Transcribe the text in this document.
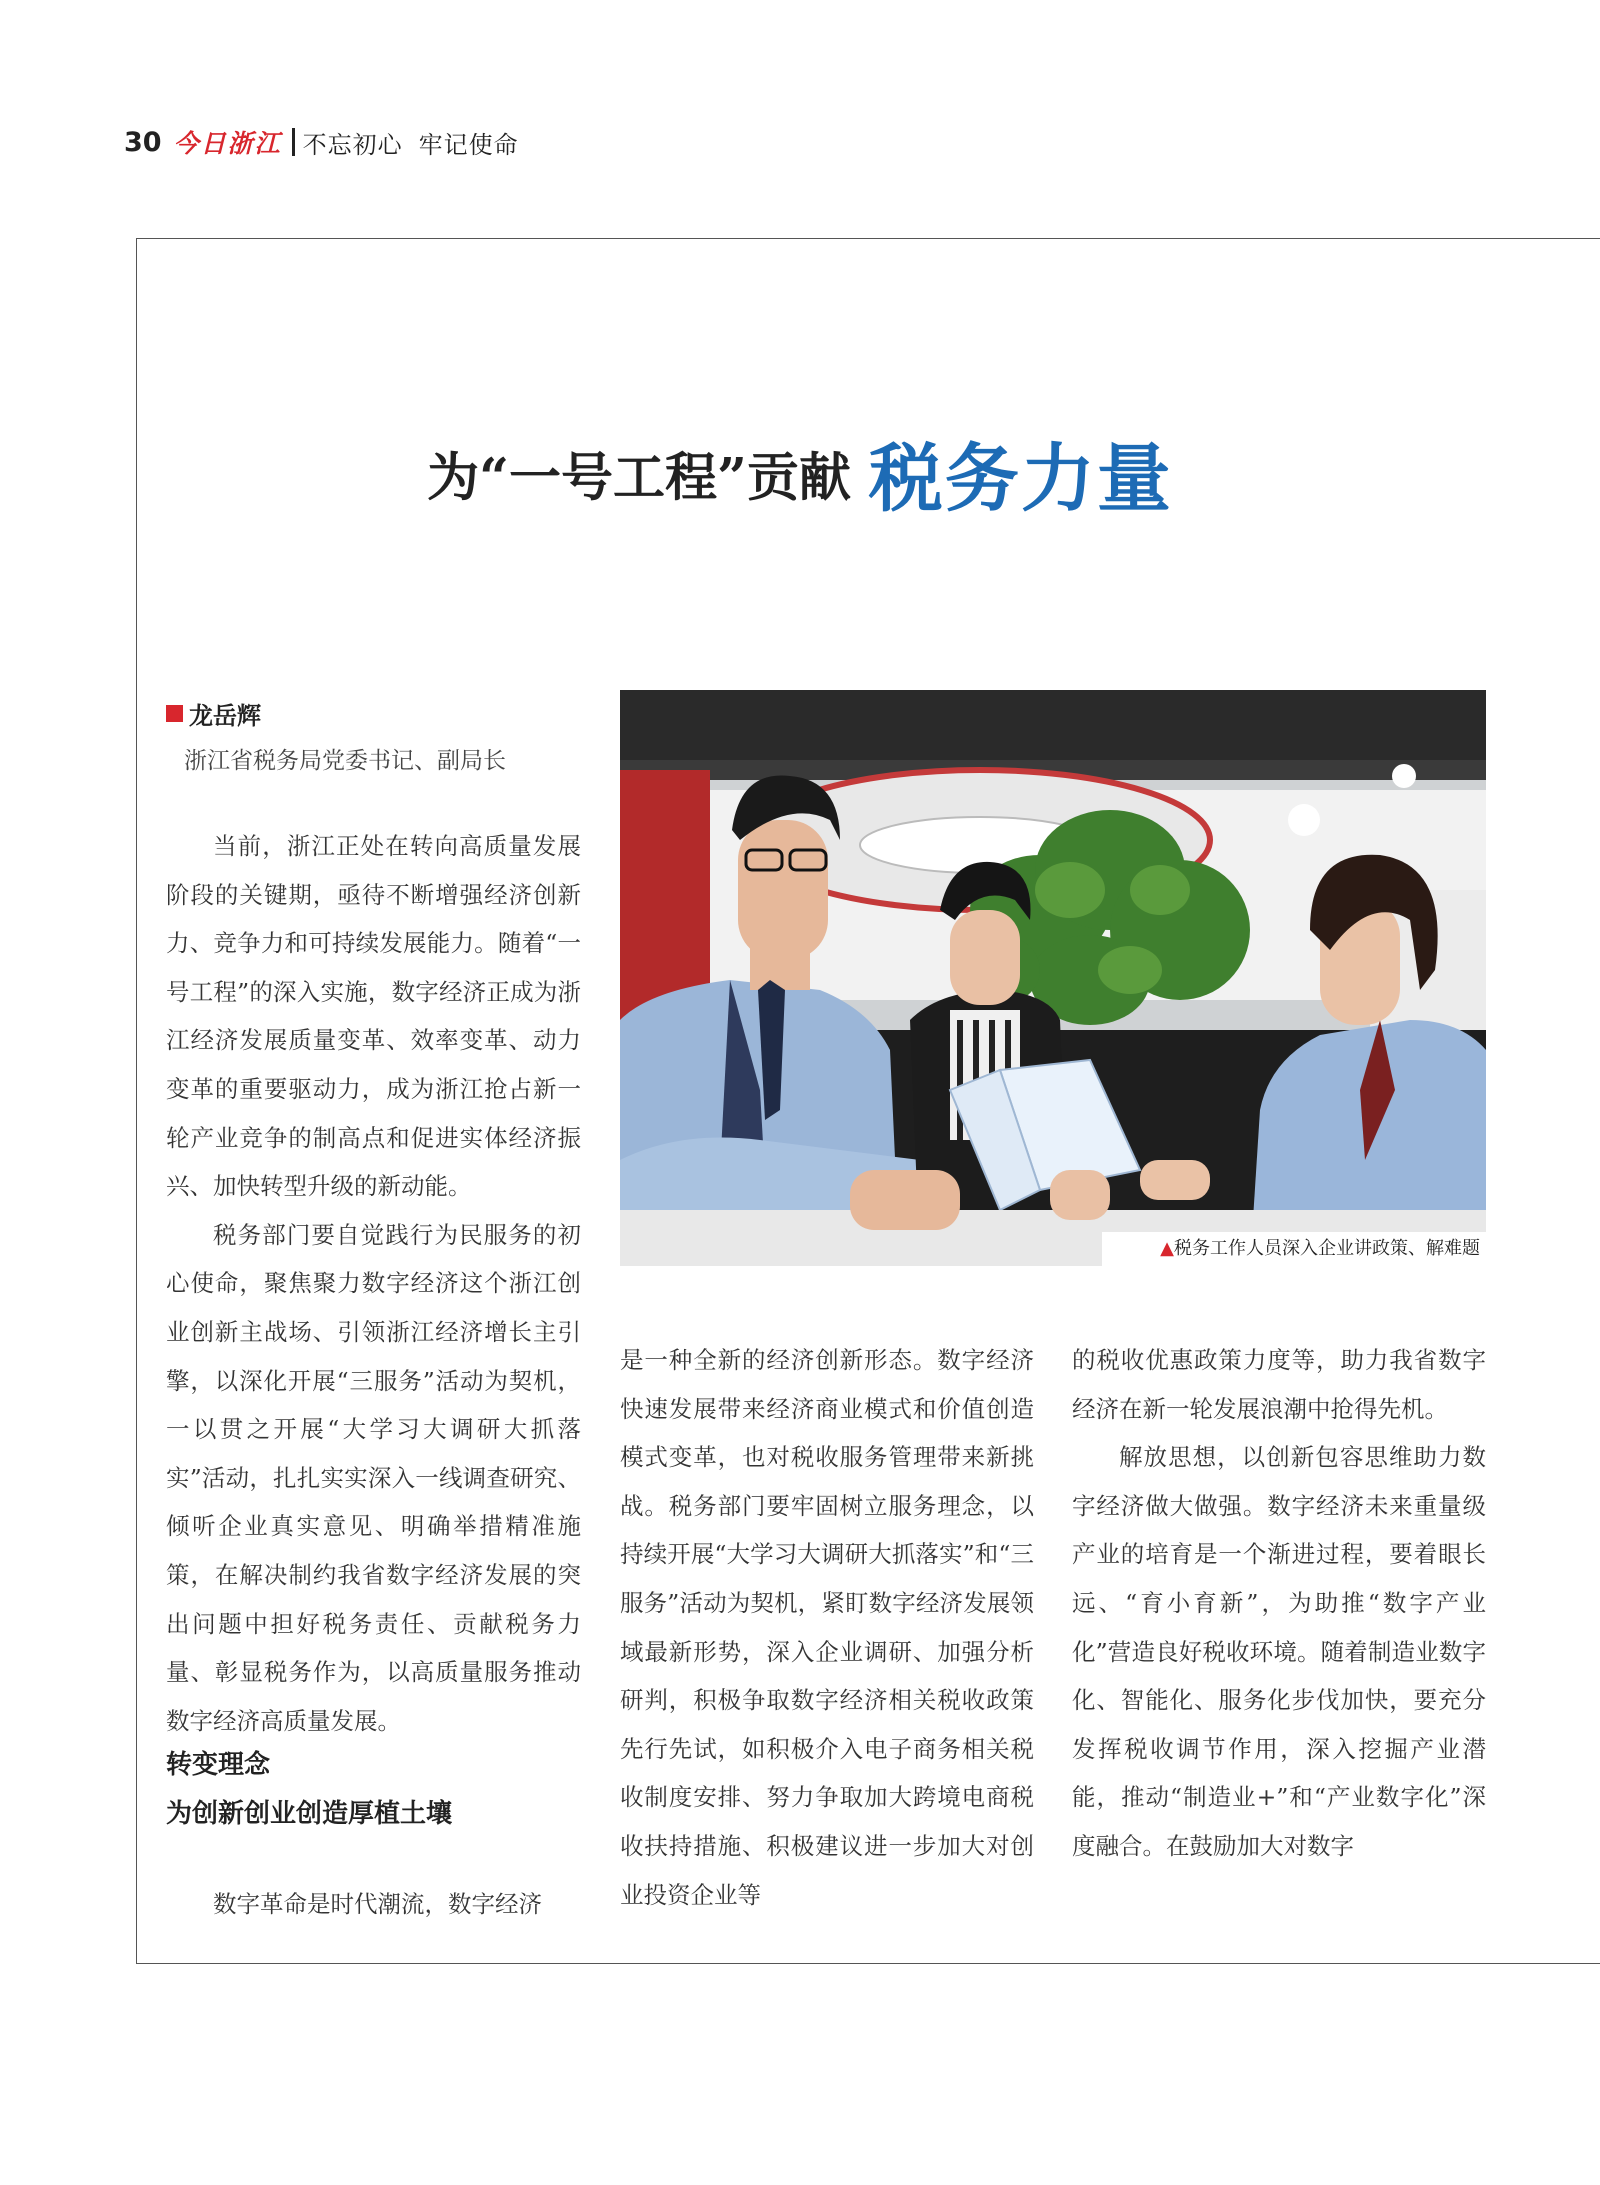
30 今日浙江 不忘初心 牢记使命
为“一号工程”贡献 税务力量
龙岳辉
浙江省税务局党委书记、副局长

当前，浙江正处在转向高质量发展阶段的关键期，亟待不断增强经济创新力、竞争力和可持续发展能力。随着“一号工程”的深入实施，数字经济正成为浙江经济发展质量变革、效率变革、动力变革的重要驱动力，成为浙江抢占新一轮产业竞争的制高点和促进实体经济振兴、加快转型升级的新动能。

税务部门要自觉践行为民服务的初心使命，聚焦聚力数字经济这个浙江创业创新主战场、引领浙江经济增长主引擎，以深化开展“三服务”活动为契机，一以贯之开展“大学习大调研大抓落实”活动，扎扎实实深入一线调查研究、倾听企业真实意见、明确举措精准施策，在解决制约我省数字经济发展的突出问题中担好税务责任、贡献税务力量、彰显税务作为，以高质量服务推动数字经济高质量发展。

转变理念
为创新创业创造厚植土壤

数字革命是时代潮流，数字经济

▲税务工作人员深入企业讲政策、解难题

是一种全新的经济创新形态。数字经济快速发展带来经济商业模式和价值创造模式变革，也对税收服务管理带来新挑战。税务部门要牢固树立服务理念，以持续开展“大学习大调研大抓落实”和“三服务”活动为契机，紧盯数字经济发展领域最新形势，深入企业调研、加强分析研判，积极争取数字经济相关税收政策先行先试，如积极介入电子商务相关税收制度安排、努力争取加大跨境电商税收扶持措施、积极建议进一步加大对创业投资企业等

的税收优惠政策力度等，助力我省数字经济在新一轮发展浪潮中抢得先机。

解放思想，以创新包容思维助力数字经济做大做强。数字经济未来重量级产业的培育是一个渐进过程，要着眼长远、“育小育新”，为助推“数字产业化”营造良好税收环境。随着制造业数字化、智能化、服务化步伐加快，要充分发挥税收调节作用，深入挖掘产业潜能，推动“制造业+”和“产业数字化”深度融合。在鼓励加大对数字
